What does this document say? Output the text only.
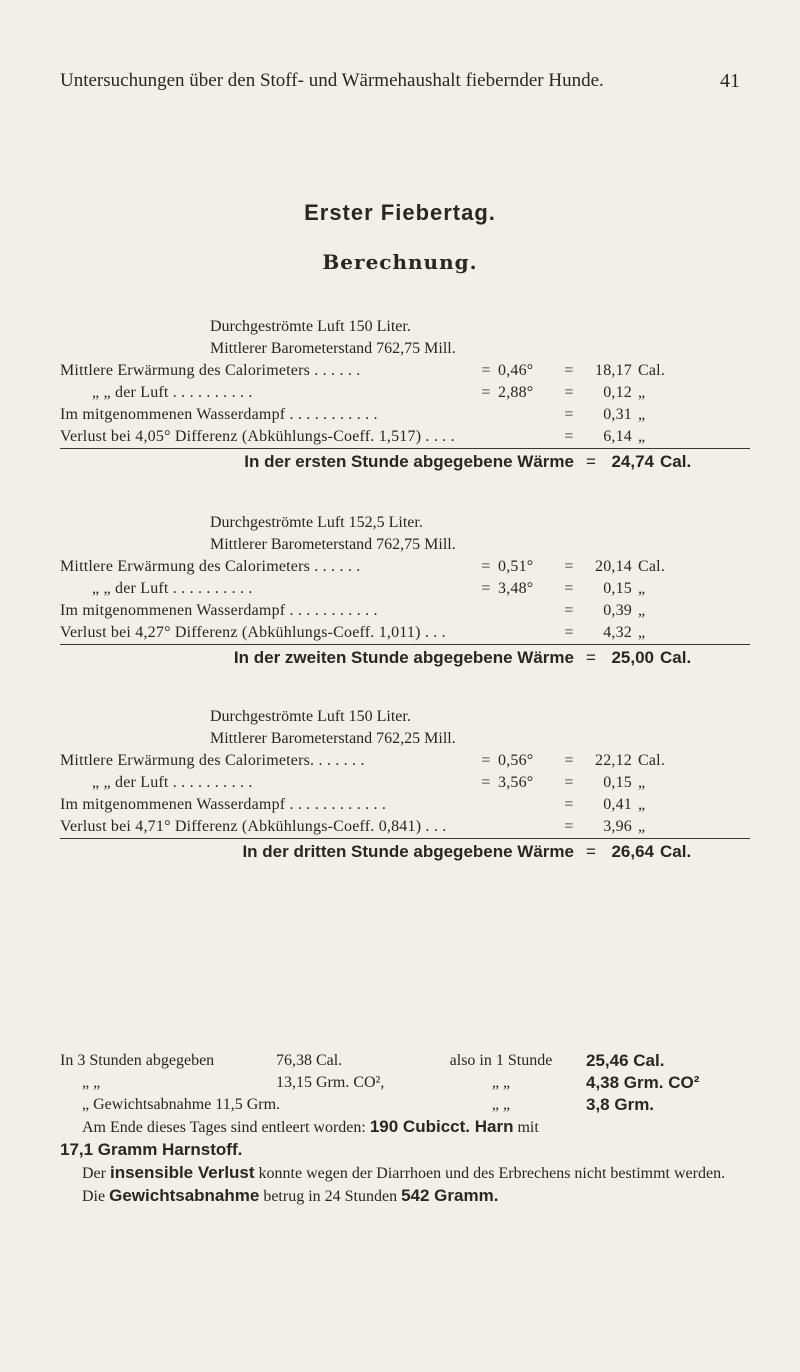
Untersuchungen über den Stoff- und Wärmehaushalt fiebernder Hunde.	41
Erster Fiebertag.
Berechnung.
Durchgeströmte Luft 150 Liter.
Mittlerer Barometerstand 762,75 Mill.
Mittlere Erwärmung des Calorimeters . . . . . .	= 0,46°	=	18,17 Cal.
„ „ der Luft . . . . . . . . . .	= 2,88°	=	0,12 „
Im mitgenommenen Wasserdampf . . . . . . . . . . .	=	0,31 „
Verlust bei 4,05° Differenz (Abkühlungs-Coeff. 1,517) . . . .	=	6,14 „
In der ersten Stunde abgegebene Wärme = 24,74 Cal.
Durchgeströmte Luft 152,5 Liter.
Mittlerer Barometerstand 762,75 Mill.
Mittlere Erwärmung des Calorimeters . . . . . .	= 0,51°	=	20,14 Cal.
„ „ der Luft . . . . . . . . . .	= 3,48°	=	0,15 „
Im mitgenommenen Wasserdampf . . . . . . . . . . .	=	0,39 „
Verlust bei 4,27° Differenz (Abkühlungs-Coeff. 1,011) . . .	=	4,32 „
In der zweiten Stunde abgegebene Wärme = 25,00 Cal.
Durchgeströmte Luft 150 Liter.
Mittlerer Barometerstand 762,25 Mill.
Mittlere Erwärmung des Calorimeters. . . . . . .	= 0,56°	=	22,12 Cal.
„ „ der Luft . . . . . . . . . .	= 3,56°	=	0,15 „
Im mitgenommenen Wasserdampf . . . . . . . . . . . .	=	0,41 „
Verlust bei 4,71° Differenz (Abkühlungs-Coeff. 0,841) . . .	=	3,96 „
In der dritten Stunde abgegebene Wärme = 26,64 Cal.
In 3 Stunden abgegeben	76,38 Cal.	also in 1 Stunde	25,46 Cal.
„ „	13,15 Grm. CO²,	„ „	4,38 Grm. CO²
„ Gewichtsabnahme 11,5 Grm.	„ „	3,8 Grm.
Am Ende dieses Tages sind entleert worden: 190 Cubicct. Harn mit
17,1 Gramm Harnstoff.
Der insensible Verlust konnte wegen der Diarrhoen und des Erbrechens nicht bestimmt werden.
Die Gewichtsabnahme betrug in 24 Stunden 542 Gramm.
